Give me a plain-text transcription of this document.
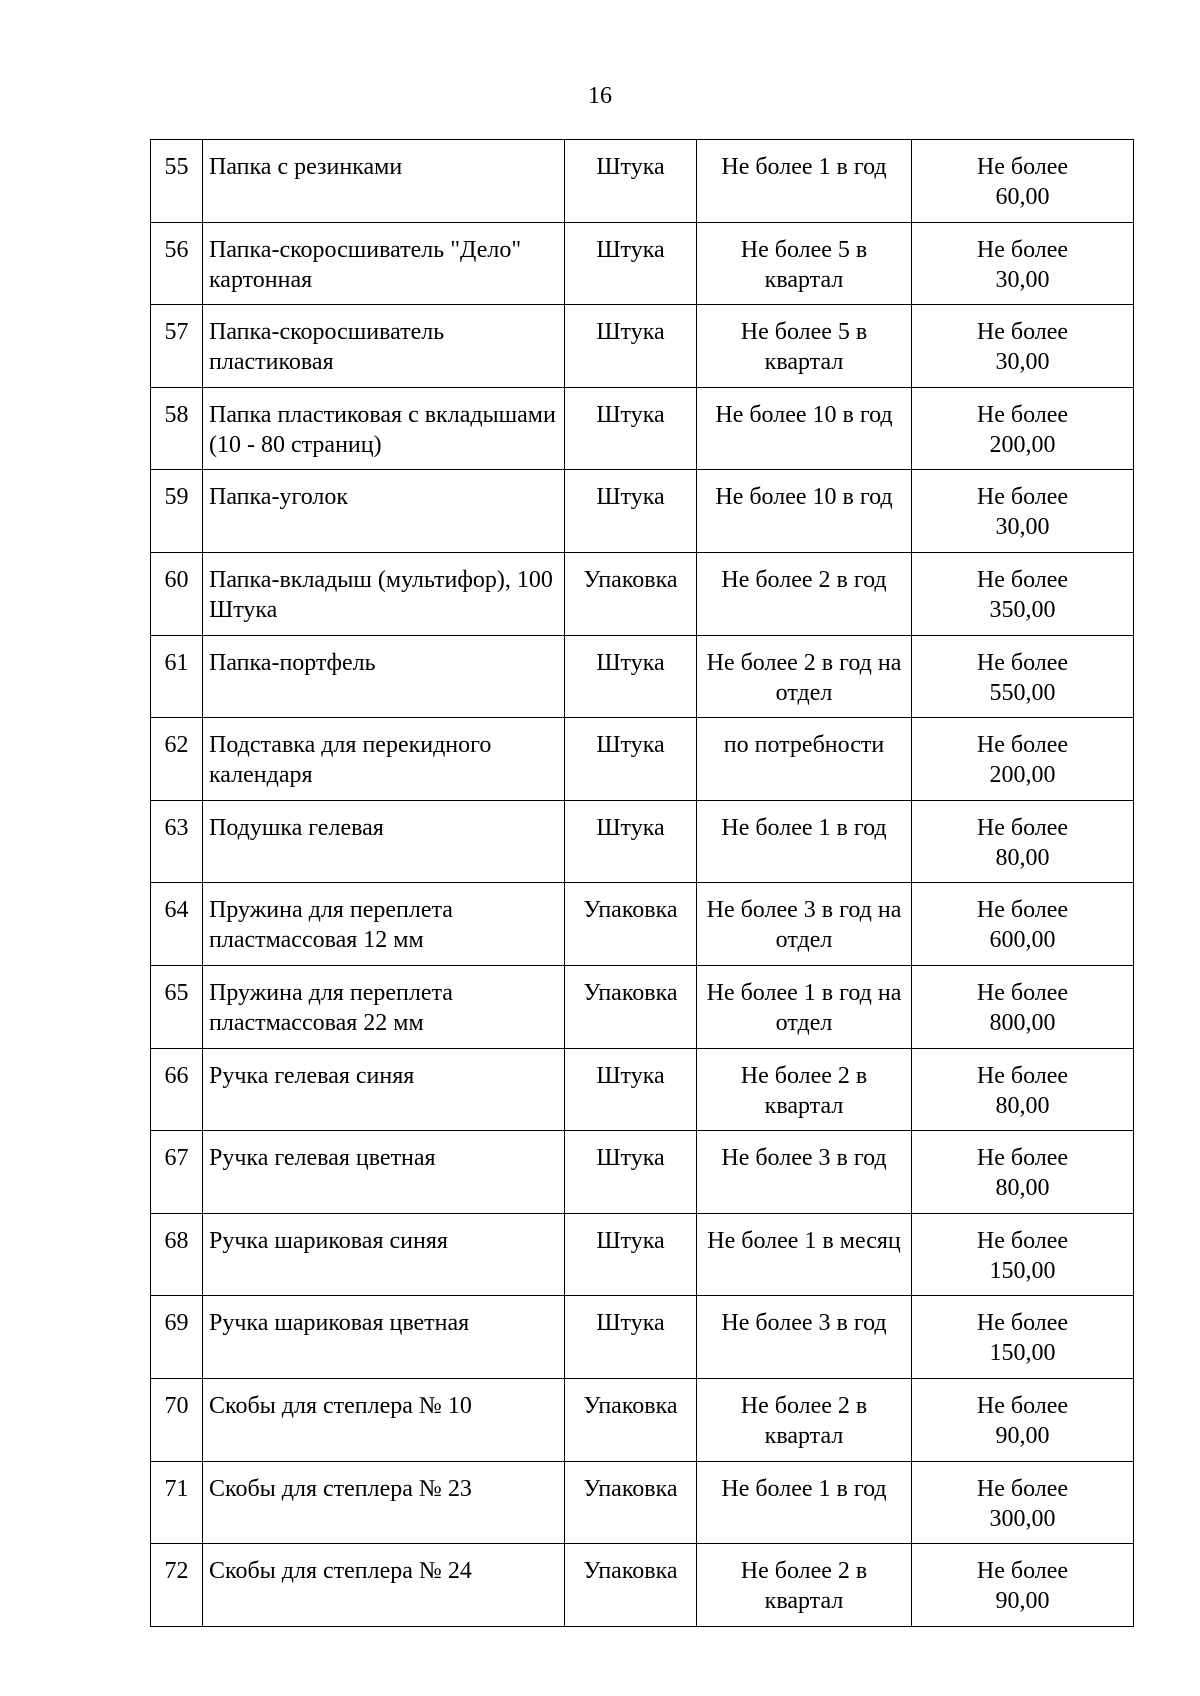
16
55	Папка с резинками	Штука	Не более 1 в год	Не более
60,00

56	Папка-скоросшиватель "Дело" картонная	Штука	Не более 5 в квартал	Не более
30,00

57	Папка-скоросшиватель пластиковая	Штука	Не более 5 в квартал	Не более
30,00

58	Папка пластиковая с вкладышами (10 - 80 страниц)	Штука	Не более 10 в год	Не более
200,00

59	Папка-уголок	Штука	Не более 10 в год	Не более
30,00

60	Папка-вкладыш (мультифор), 100 Штука	Упаковка	Не более 2 в год	Не более
350,00

61	Папка-портфель	Штука	Не более 2 в год на отдел	Не более
550,00

62	Подставка для перекидного календаря	Штука	по потребности	Не более
200,00

63	Подушка гелевая	Штука	Не более 1 в год	Не более
80,00

64	Пружина для переплета пластмассовая 12 мм	Упаковка	Не более 3 в год на отдел	Не более
600,00

65	Пружина для переплета пластмассовая 22 мм	Упаковка	Не более 1 в год на отдел	Не более
800,00

66	Ручка гелевая синяя	Штука	Не более 2 в квартал	Не более
80,00

67	Ручка гелевая цветная	Штука	Не более 3 в год	Не более
80,00

68	Ручка шариковая синяя	Штука	Не более 1 в месяц	Не более
150,00

69	Ручка шариковая цветная	Штука	Не более 3 в год	Не более
150,00

70	Скобы для степлера № 10	Упаковка	Не более 2 в квартал	Не более
90,00

71	Скобы для степлера № 23	Упаковка	Не более 1 в год	Не более
300,00

72	Скобы для степлера № 24	Упаковка	Не более 2 в квартал	Не более
90,00
